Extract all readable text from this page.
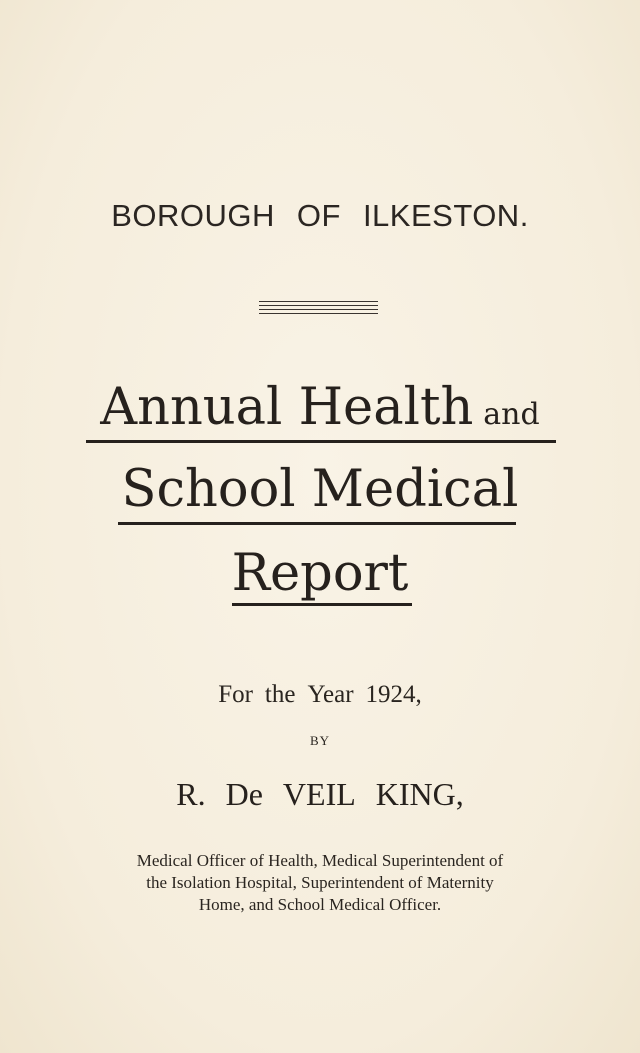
BOROUGH OF ILKESTON.
Annual Health and
School Medical
Report
For the Year 1924,
BY
R. De VEIL KING,
Medical Officer of Health, Medical Superintendent of
the Isolation Hospital, Superintendent of Maternity
Home, and School Medical Officer.
